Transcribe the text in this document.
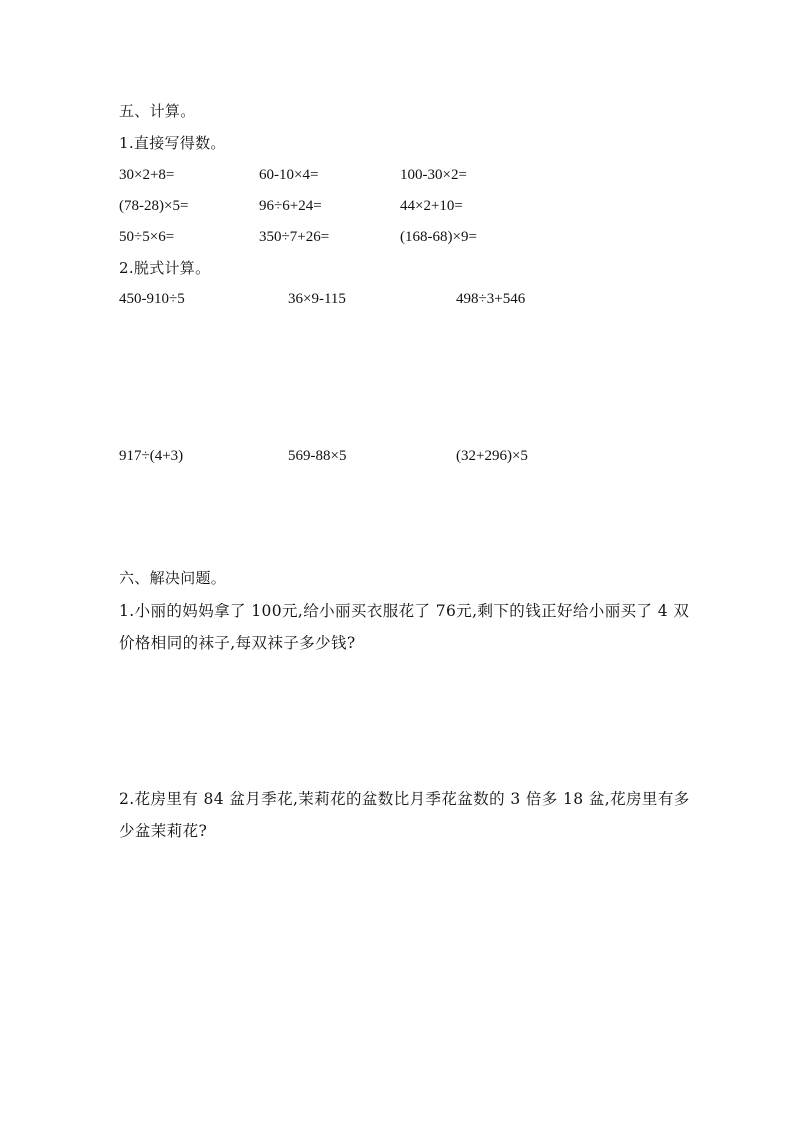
五、计算。
1.直接写得数。
30×2+8=	60-10×4=	100-30×2=
(78-28)×5=	96÷6+24=	44×2+10=
50÷5×6=	350÷7+26=	(168-68)×9=
2.脱式计算。
450-910÷5	36×9-115	498÷3+546
917÷(4+3)	569-88×5	(32+296)×5
六、解决问题。
1.小丽的妈妈拿了 100元,给小丽买衣服花了 76元,剩下的钱正好给小丽买了 4 双
价格相同的袜子,每双袜子多少钱?
2.花房里有 84 盆月季花,茉莉花的盆数比月季花盆数的 3 倍多 18 盆,花房里有多
少盆茉莉花?
